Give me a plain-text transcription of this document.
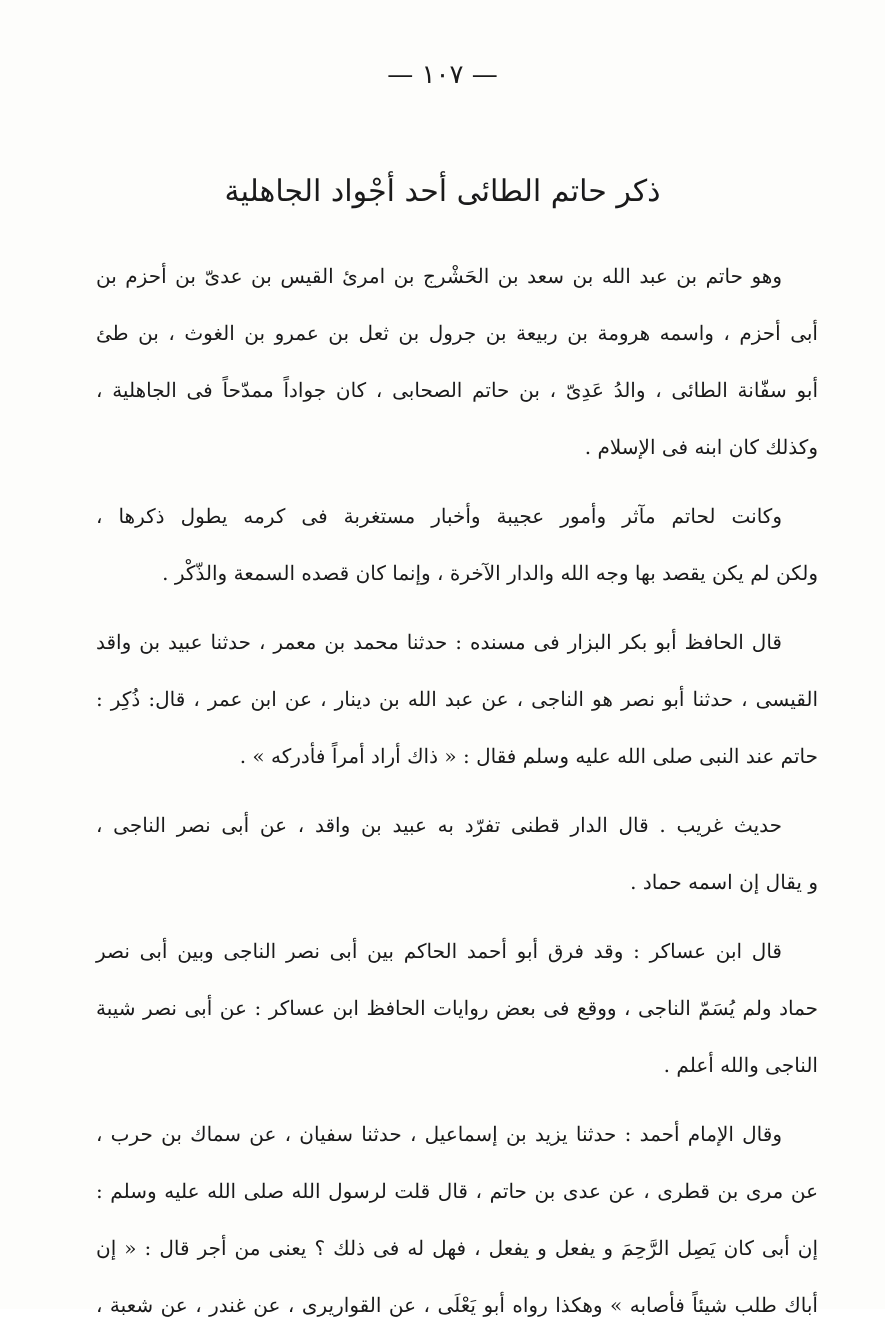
— ١٠٧ —
ذكر حاتم الطائى أحد أجْواد الجاهلية
وهو حاتم بن عبد الله بن سعد بن الحَشْرج بن امرئ القيس بن عدىّ بن أحزم بن
أبى أحزم ، واسمه هرومة بن ربيعة بن جرول بن ثعل بن عمرو بن الغوث ، بن طئ
أبو سفّانة الطائى ، والدُ عَدِىّ ، بن حاتم الصحابى ، كان جواداً ممدّحاً فى الجاهلية ،
وكذلك كان ابنه فى الإسلام .
وكانت لحاتم مآثر وأمور عجيبة وأخبار مستغربة فى كرمه يطول ذكرها ،
ولكن لم يكن يقصد بها وجه الله والدار الآخرة ، وإنما كان قصده السمعة والذّكْر .
قال الحافظ أبو بكر البزار فى مسنده : حدثنا محمد بن معمر ، حدثنا عبيد بن واقد
القيسى ، حدثنا أبو نصر هو الناجى ، عن عبد الله بن دينار ، عن ابن عمر ، قال: ذُكِر :
حاتم عند النبى صلى الله عليه وسلم فقال : « ذاك أراد أمراً فأدركه » .
حديث غريب . قال الدار قطنى تفرّد به عبيد بن واقد ، عن أبى نصر الناجى ،
و يقال إن اسمه حماد .
قال ابن عساكر : وقد فرق أبو أحمد الحاكم بين أبى نصر الناجى وبين أبى نصر
حماد ولم يُسَمّ الناجى ، ووقع فى بعض روايات الحافظ ابن عساكر : عن أبى نصر شيبة
الناجى والله أعلم .
وقال الإمام أحمد : حدثنا يزيد بن إسماعيل ، حدثنا سفيان ، عن سماك بن حرب ،
عن مرى بن قطرى ، عن عدى بن حاتم ، قال قلت لرسول الله صلى الله عليه وسلم :
إن أبى كان يَصِل الرَّحِمَ و يفعل و يفعل ، فهل له فى ذلك ؟ يعنى من أجر قال : « إن
أباك طلب شيئاً فأصابه » وهكذا رواه أبو يَعْلَى ، عن القواريرى ، عن غندر ، عن شعبة ،
